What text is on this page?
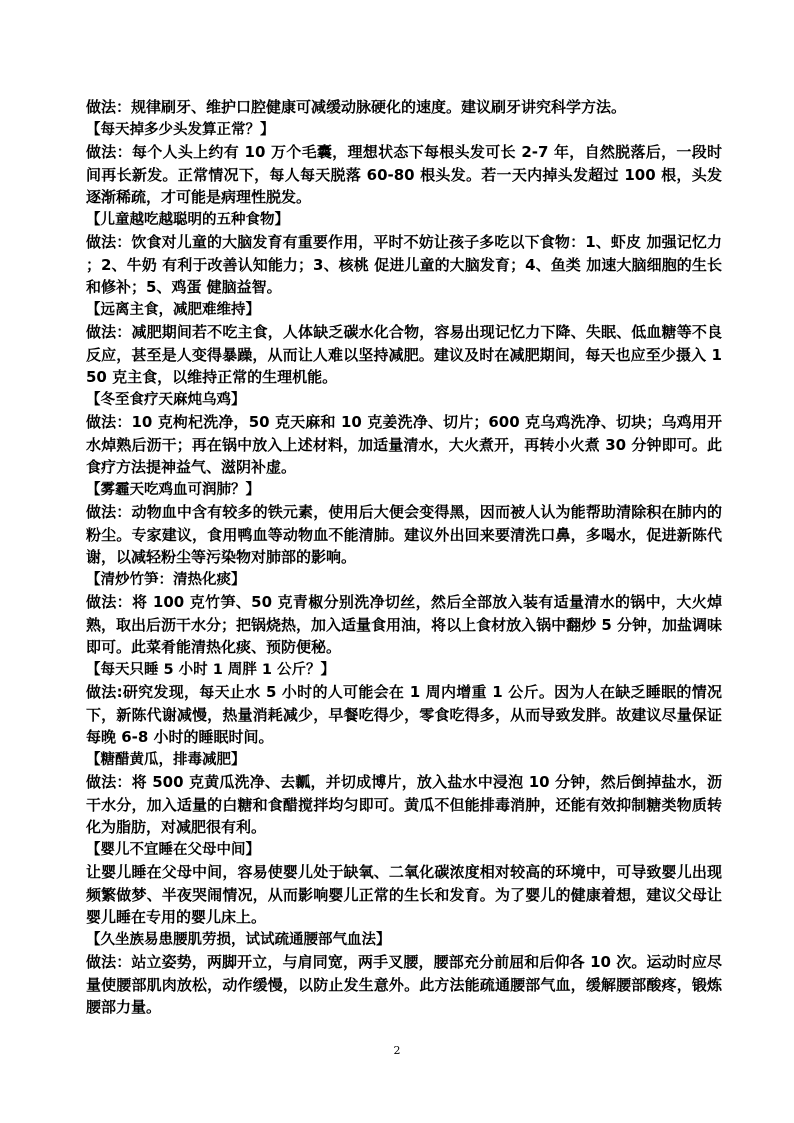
做法：规律刷牙、维护口腔健康可减缓动脉硬化的速度。建议刷牙讲究科学方法。

【每天掉多少头发算正常？】

做法：每个人头上约有 10 万个毛囊，理想状态下每根头发可长 2-7 年，自然脱落后，一段时间再长新发。正常情况下，每人每天脱落 60-80 根头发。若一天内掉头发超过 100 根，头发逐渐稀疏，才可能是病理性脱发。

【儿童越吃越聪明的五种食物】

做法：饮食对儿童的大脑发育有重要作用，平时不妨让孩子多吃以下食物：1、虾皮 加强记忆力；2、牛奶 有利于改善认知能力；3、核桃 促进儿童的大脑发育；4、鱼类 加速大脑细胞的生长和修补；5、鸡蛋 健脑益智。

【远离主食，减肥难维持】

做法：减肥期间若不吃主食，人体缺乏碳水化合物，容易出现记忆力下降、失眠、低血糖等不良反应，甚至是人变得暴躁，从而让人难以坚持减肥。建议及时在减肥期间，每天也应至少摄入 150 克主食，以维持正常的生理机能。

【冬至食疗天麻炖乌鸡】

做法：10 克枸杞洗净，50 克天麻和 10 克姜洗净、切片；600 克乌鸡洗净、切块；乌鸡用开水焯熟后沥干；再在锅中放入上述材料，加适量清水，大火煮开，再转小火煮 30 分钟即可。此食疗方法提神益气、滋阴补虚。

【雾霾天吃鸡血可润肺？】

做法：动物血中含有较多的铁元素，使用后大便会变得黑，因而被人认为能帮助清除积在肺内的粉尘。专家建议，食用鸭血等动物血不能清肺。建议外出回来要清洗口鼻，多喝水，促进新陈代谢，以减轻粉尘等污染物对肺部的影响。

【清炒竹笋：清热化痰】

做法：将 100 克竹笋、50 克青椒分别洗净切丝，然后全部放入装有适量清水的锅中，大火焯熟，取出后沥干水分；把锅烧热，加入适量食用油，将以上食材放入锅中翻炒 5 分钟，加盐调味即可。此菜肴能清热化痰、预防便秘。

【每天只睡 5 小时 1 周胖 1 公斤？】

做法:研究发现，每天止水 5 小时的人可能会在 1 周内增重 1 公斤。因为人在缺乏睡眠的情况下，新陈代谢减慢，热量消耗减少，早餐吃得少，零食吃得多，从而导致发胖。故建议尽量保证每晚 6-8 小时的睡眠时间。

【糖醋黄瓜，排毒减肥】

做法：将 500 克黄瓜洗净、去瓤，并切成博片，放入盐水中浸泡 10 分钟，然后倒掉盐水，沥干水分，加入适量的白糖和食醋搅拌均匀即可。黄瓜不但能排毒消肿，还能有效抑制糖类物质转化为脂肪，对减肥很有利。

【婴儿不宜睡在父母中间】

让婴儿睡在父母中间，容易使婴儿处于缺氧、二氧化碳浓度相对较高的环境中，可导致婴儿出现频繁做梦、半夜哭闹情况，从而影响婴儿正常的生长和发育。为了婴儿的健康着想，建议父母让婴儿睡在专用的婴儿床上。

【久坐族易患腰肌劳损，试试疏通腰部气血法】

做法：站立姿势，两脚开立，与肩同宽，两手叉腰，腰部充分前屈和后仰各 10 次。运动时应尽量使腰部肌肉放松，动作缓慢，以防止发生意外。此方法能疏通腰部气血，缓解腰部酸疼，锻炼腰部力量。

2
